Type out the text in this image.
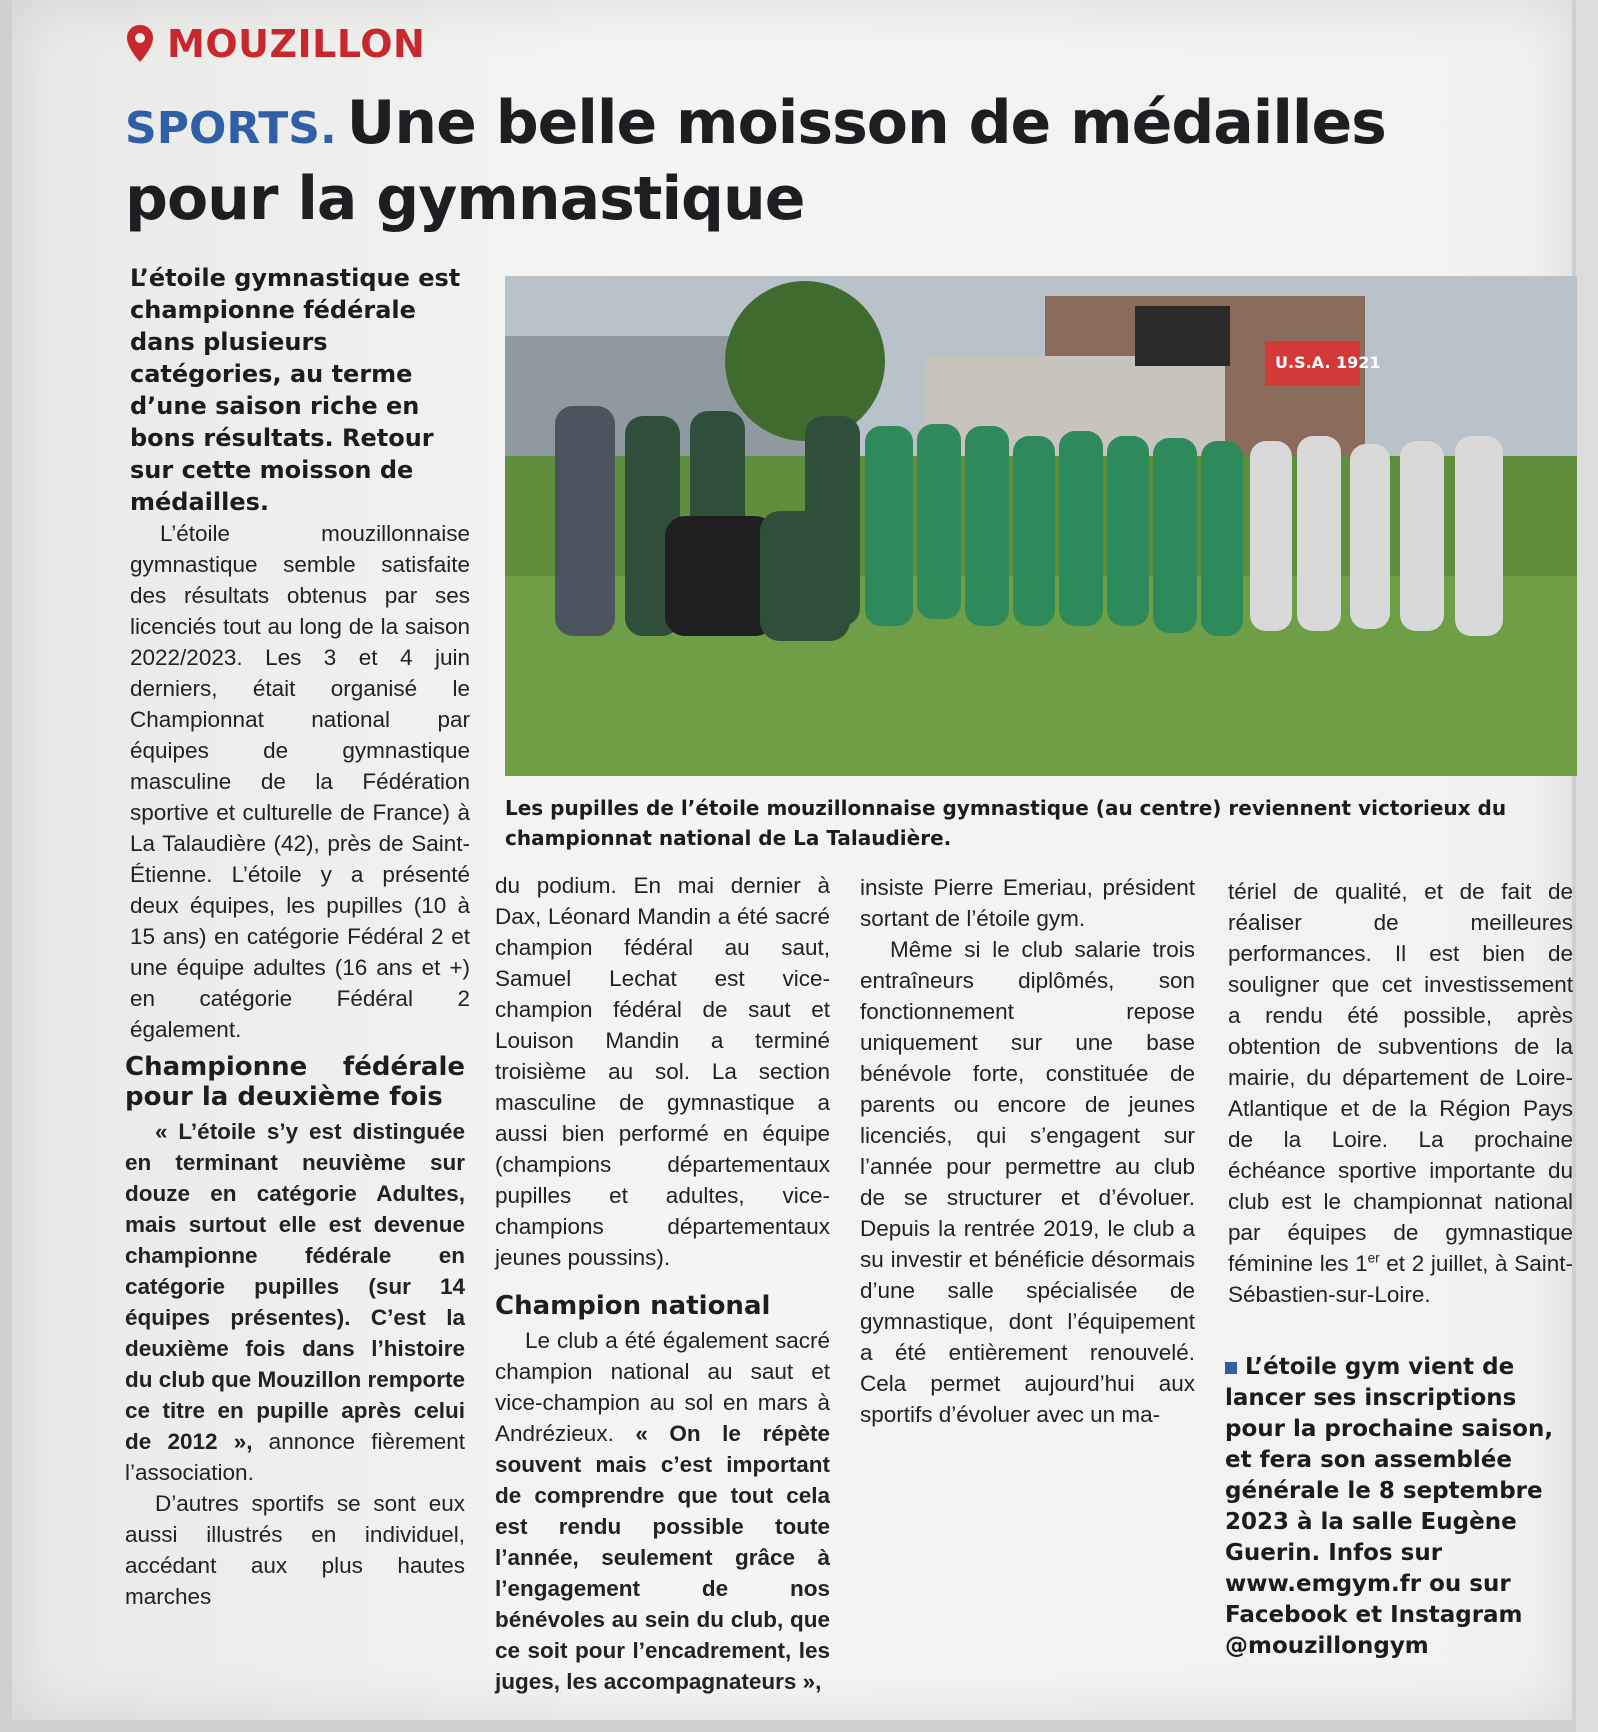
MOUZILLON
SPORTS. Une belle moisson de médailles pour la gymnastique
L’étoile gymnastique est championne fédérale dans plusieurs catégories, au terme d’une saison riche en bons résultats. Retour sur cette moisson de médailles.
U.S.A. 1921
Les pupilles de l’étoile mouzillonnaise gymnastique (au centre) reviennent victorieux du championnat national de La Talaudière.

L’étoile mouzillonnaise gymnastique semble satisfaite des résultats obtenus par ses licenciés tout au long de la saison 2022/2023. Les 3 et 4 juin derniers, était organisé le Championnat national par équipes de gymnastique masculine de la Fédération sportive et culturelle de France) à La Talaudière (42), près de Saint-Étienne. L’étoile y a présenté deux équipes, les pupilles (10 à 15 ans) en catégorie Fédéral 2 et une équipe adultes (16 ans et +) en catégorie Fédéral 2 également.

Championne fédérale pour la deuxième fois

« L’étoile s’y est distinguée en terminant neuvième sur douze en catégorie Adultes, mais surtout elle est devenue championne fédérale en catégorie pupilles (sur 14 équipes présentes). C’est la deuxième fois dans l’histoire du club que Mouzillon remporte ce titre en pupille après celui de 2012 », annonce fièrement l’association.

D’autres sportifs se sont eux aussi illustrés en individuel, accédant aux plus hautes marches

du podium. En mai dernier à Dax, Léonard Mandin a été sacré champion fédéral au saut, Samuel Lechat est vice-champion fédéral de saut et Louison Mandin a terminé troisième au sol. La section masculine de gymnastique a aussi bien performé en équipe (champions départementaux pupilles et adultes, vice-champions départementaux jeunes poussins).

Champion national

Le club a été également sacré champion national au saut et vice-champion au sol en mars à Andrézieux. « On le répète souvent mais c’est important de comprendre que tout cela est rendu possible toute l’année, seulement grâce à l’engagement de nos bénévoles au sein du club, que ce soit pour l’encadrement, les juges, les accompagnateurs »,

insiste Pierre Emeriau, président sortant de l’étoile gym.

Même si le club salarie trois entraîneurs diplômés, son fonctionnement repose uniquement sur une base bénévole forte, constituée de parents ou encore de jeunes licenciés, qui s’engagent sur l’année pour permettre au club de se structurer et d’évoluer. Depuis la rentrée 2019, le club a su investir et bénéficie désormais d’une salle spécialisée de gymnastique, dont l’équipement a été entièrement renouvelé. Cela permet aujourd’hui aux sportifs d’évoluer avec un ma-

tériel de qualité, et de fait de réaliser de meilleures performances. Il est bien de souligner que cet investissement a rendu été possible, après obtention de subventions de la mairie, du département de Loire-Atlantique et de la Région Pays de la Loire. La prochaine échéance sportive importante du club est le championnat national par équipes de gymnastique féminine les 1er et 2 juillet, à Saint-Sébastien-sur-Loire.

L’étoile gym vient de lancer ses inscriptions pour la prochaine saison, et fera son assemblée générale le 8 septembre 2023 à la salle Eugène Guerin. Infos sur www.emgym.fr ou sur Facebook et Instagram @mouzillongym
